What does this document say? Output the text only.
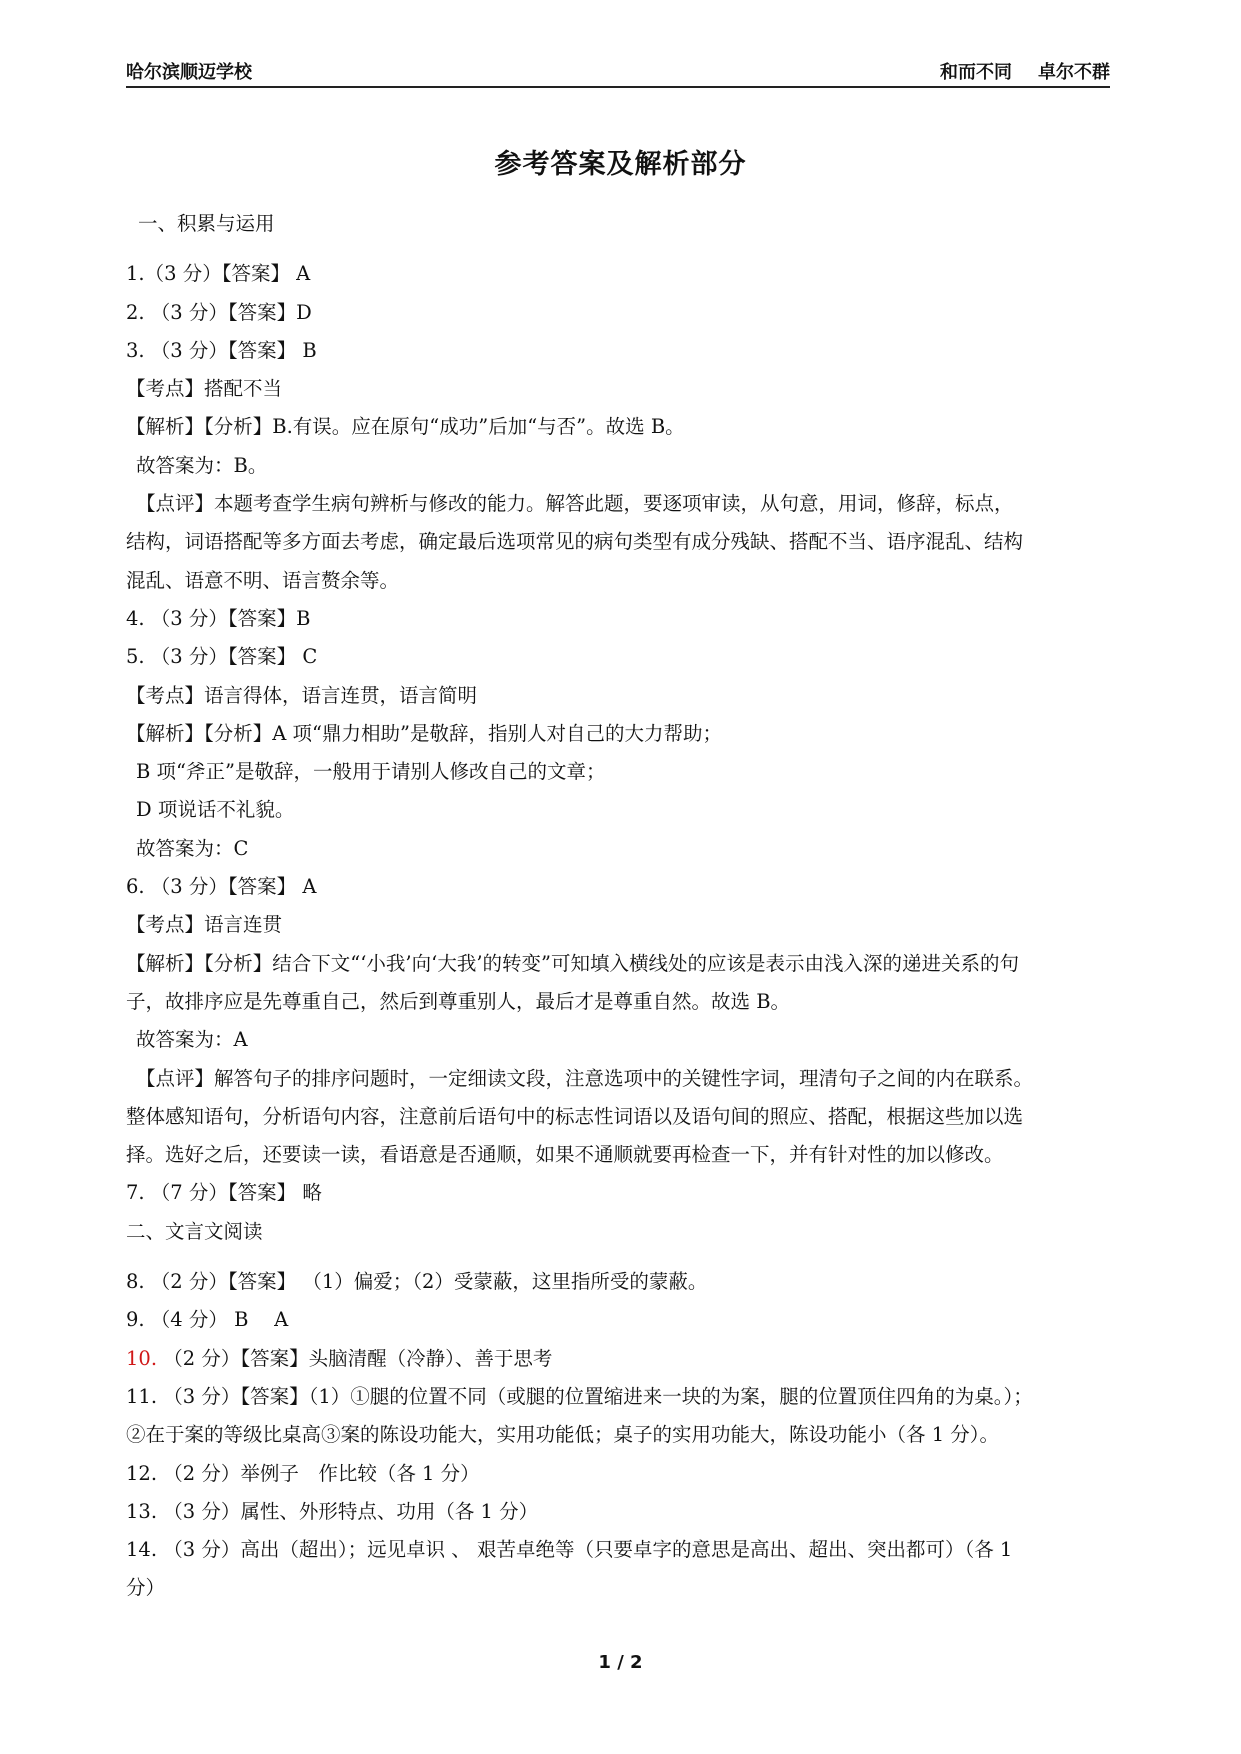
哈尔滨顺迈学校	和而不同 卓尔不群
参考答案及解析部分
一、积累与运用
1.（3 分）【答案】 A
2. （3 分）【答案】D
3. （3 分）【答案】 B
【考点】搭配不当
【解析】【分析】B.有误。应在原句“成功”后加“与否”。故选 B。
故答案为：B。
【点评】本题考查学生病句辨析与修改的能力。解答此题，要逐项审读，从句意，用词，修辞，标点，
结构，词语搭配等多方面去考虑，确定最后选项常见的病句类型有成分残缺、搭配不当、语序混乱、结构
混乱、语意不明、语言赘余等。
4. （3 分）【答案】B
5. （3 分）【答案】 C
【考点】语言得体，语言连贯，语言简明
【解析】【分析】A 项“鼎力相助”是敬辞，指别人对自己的大力帮助；
B 项“斧正”是敬辞，一般用于请别人修改自己的文章；
D 项说话不礼貌。
故答案为：C
6. （3 分）【答案】 A
【考点】语言连贯
【解析】【分析】结合下文“‘小我’向‘大我’的转变”可知填入横线处的应该是表示由浅入深的递进关系的句
子，故排序应是先尊重自己，然后到尊重别人，最后才是尊重自然。故选 B。
故答案为：A
【点评】解答句子的排序问题时，一定细读文段，注意选项中的关键性字词，理清句子之间的内在联系。
整体感知语句，分析语句内容，注意前后语句中的标志性词语以及语句间的照应、搭配，根据这些加以选
择。选好之后，还要读一读，看语意是否通顺，如果不通顺就要再检查一下，并有针对性的加以修改。
7. （7 分）【答案】 略
二、文言文阅读
8. （2 分）【答案】 （1）偏爱；（2）受蒙蔽，这里指所受的蒙蔽。
9. （4 分） B　 A
10. （2 分）【答案】头脑清醒（冷静）、善于思考
11. （3 分）【答案】（1）①腿的位置不同（或腿的位置缩进来一块的为案，腿的位置顶住四角的为桌。）；
②在于案的等级比桌高③案的陈设功能大，实用功能低；桌子的实用功能大，陈设功能小（各 1 分）。
12. （2 分）举例子　作比较（各 1 分）
13. （3 分）属性、外形特点、功用（各 1 分）
14. （3 分）高出（超出）；远见卓识 、 艰苦卓绝等（只要卓字的意思是高出、超出、突出都可）（各 1
分）
1 / 2
